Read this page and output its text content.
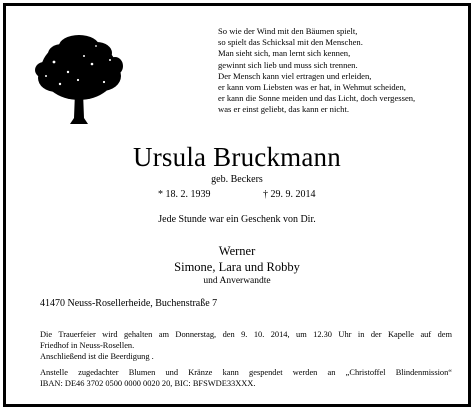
So wie der Wind mit den Bäumen spielt,
so spielt das Schicksal mit den Menschen.
Man sieht sich, man lernt sich kennen,
gewinnt sich lieb und muss sich trennen.
Der Mensch kann viel ertragen und erleiden,
er kann vom Liebsten was er hat, in Wehmut scheiden,
er kann die Sonne meiden und das Licht, doch vergessen,
was er einst geliebt, das kann er nicht.
Ursula Bruckmann
geb. Beckers
* 18. 2. 1939	† 29. 9. 2014
Jede Stunde war ein Geschenk von Dir.
Werner
Simone, Lara und Robby
und Anverwandte
41470 Neuss-Rosellerheide, Buchenstraße 7
Die Trauerfeier wird gehalten am Donnerstag, den 9. 10. 2014, um 12.30 Uhr in der Kapelle auf dem
Friedhof in Neuss-Rosellen.
Anschließend ist die Beerdigung .
Anstelle zugedachter Blumen und Kränze kann gespendet werden an „Christoffel Blindenmission“
IBAN: DE46 3702 0500 0000 0020 20, BIC: BFSWDE33XXX.
